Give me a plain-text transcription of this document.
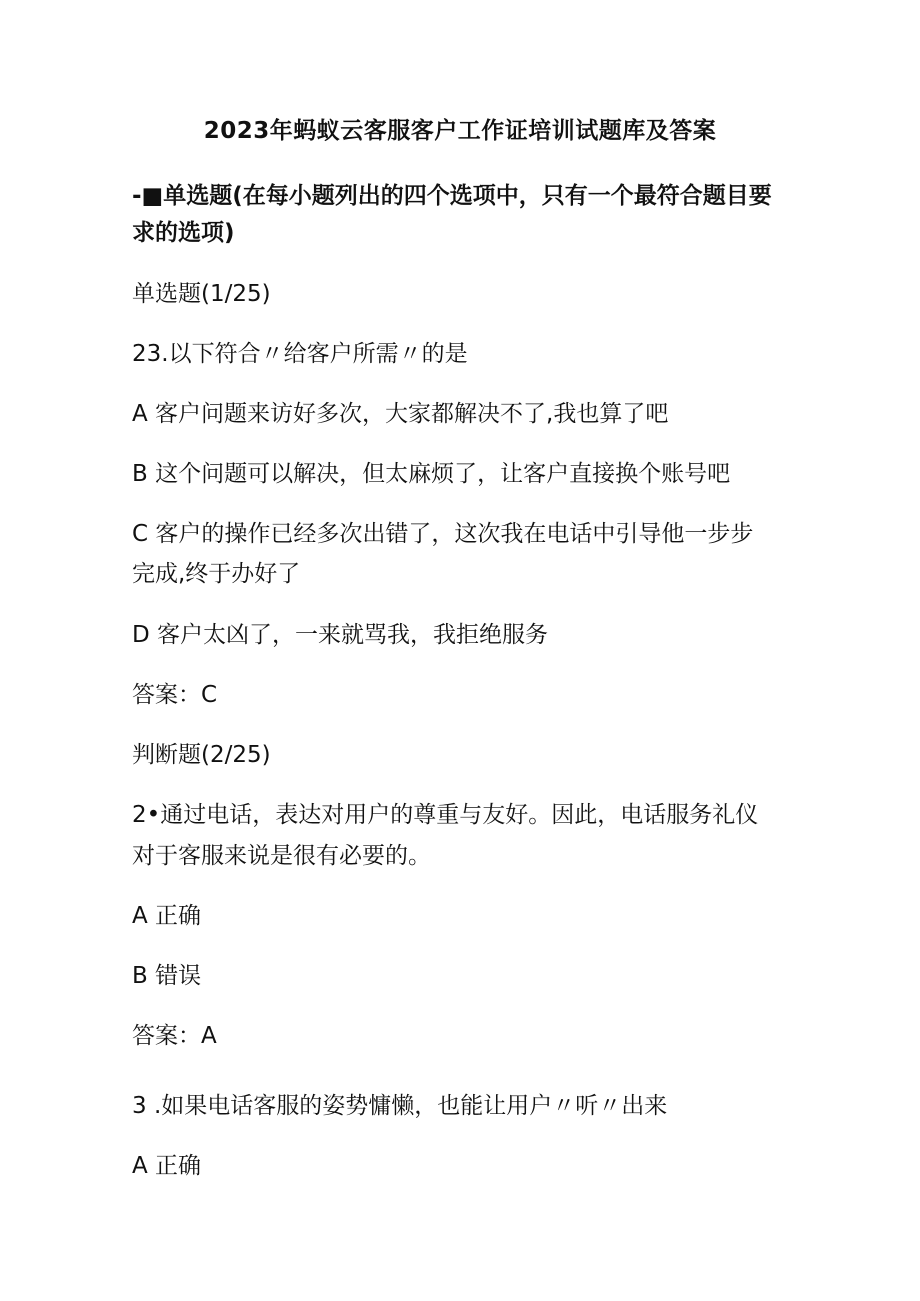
2023年蚂蚁云客服客户工作证培训试题库及答案
-■单选题(在每小题列出的四个选项中，只有一个最符合题目要
求的选项)
单选题(1/25)
23.以下符合〃给客户所需〃的是
A 客户问题来访好多次，大家都解决不了,我也算了吧
B 这个问题可以解决，但太麻烦了，让客户直接换个账号吧
C 客户的操作已经多次出错了，这次我在电话中引导他一步步
完成,终于办好了
D 客户太凶了，一来就骂我，我拒绝服务
答案：C
判断题(2/25)
2•通过电话，表达对用户的尊重与友好。因此，电话服务礼仪
对于客服来说是很有必要的。
A 正确
B 错误
答案：A
3 .如果电话客服的姿势慵懒，也能让用户〃听〃出来
A 正确
